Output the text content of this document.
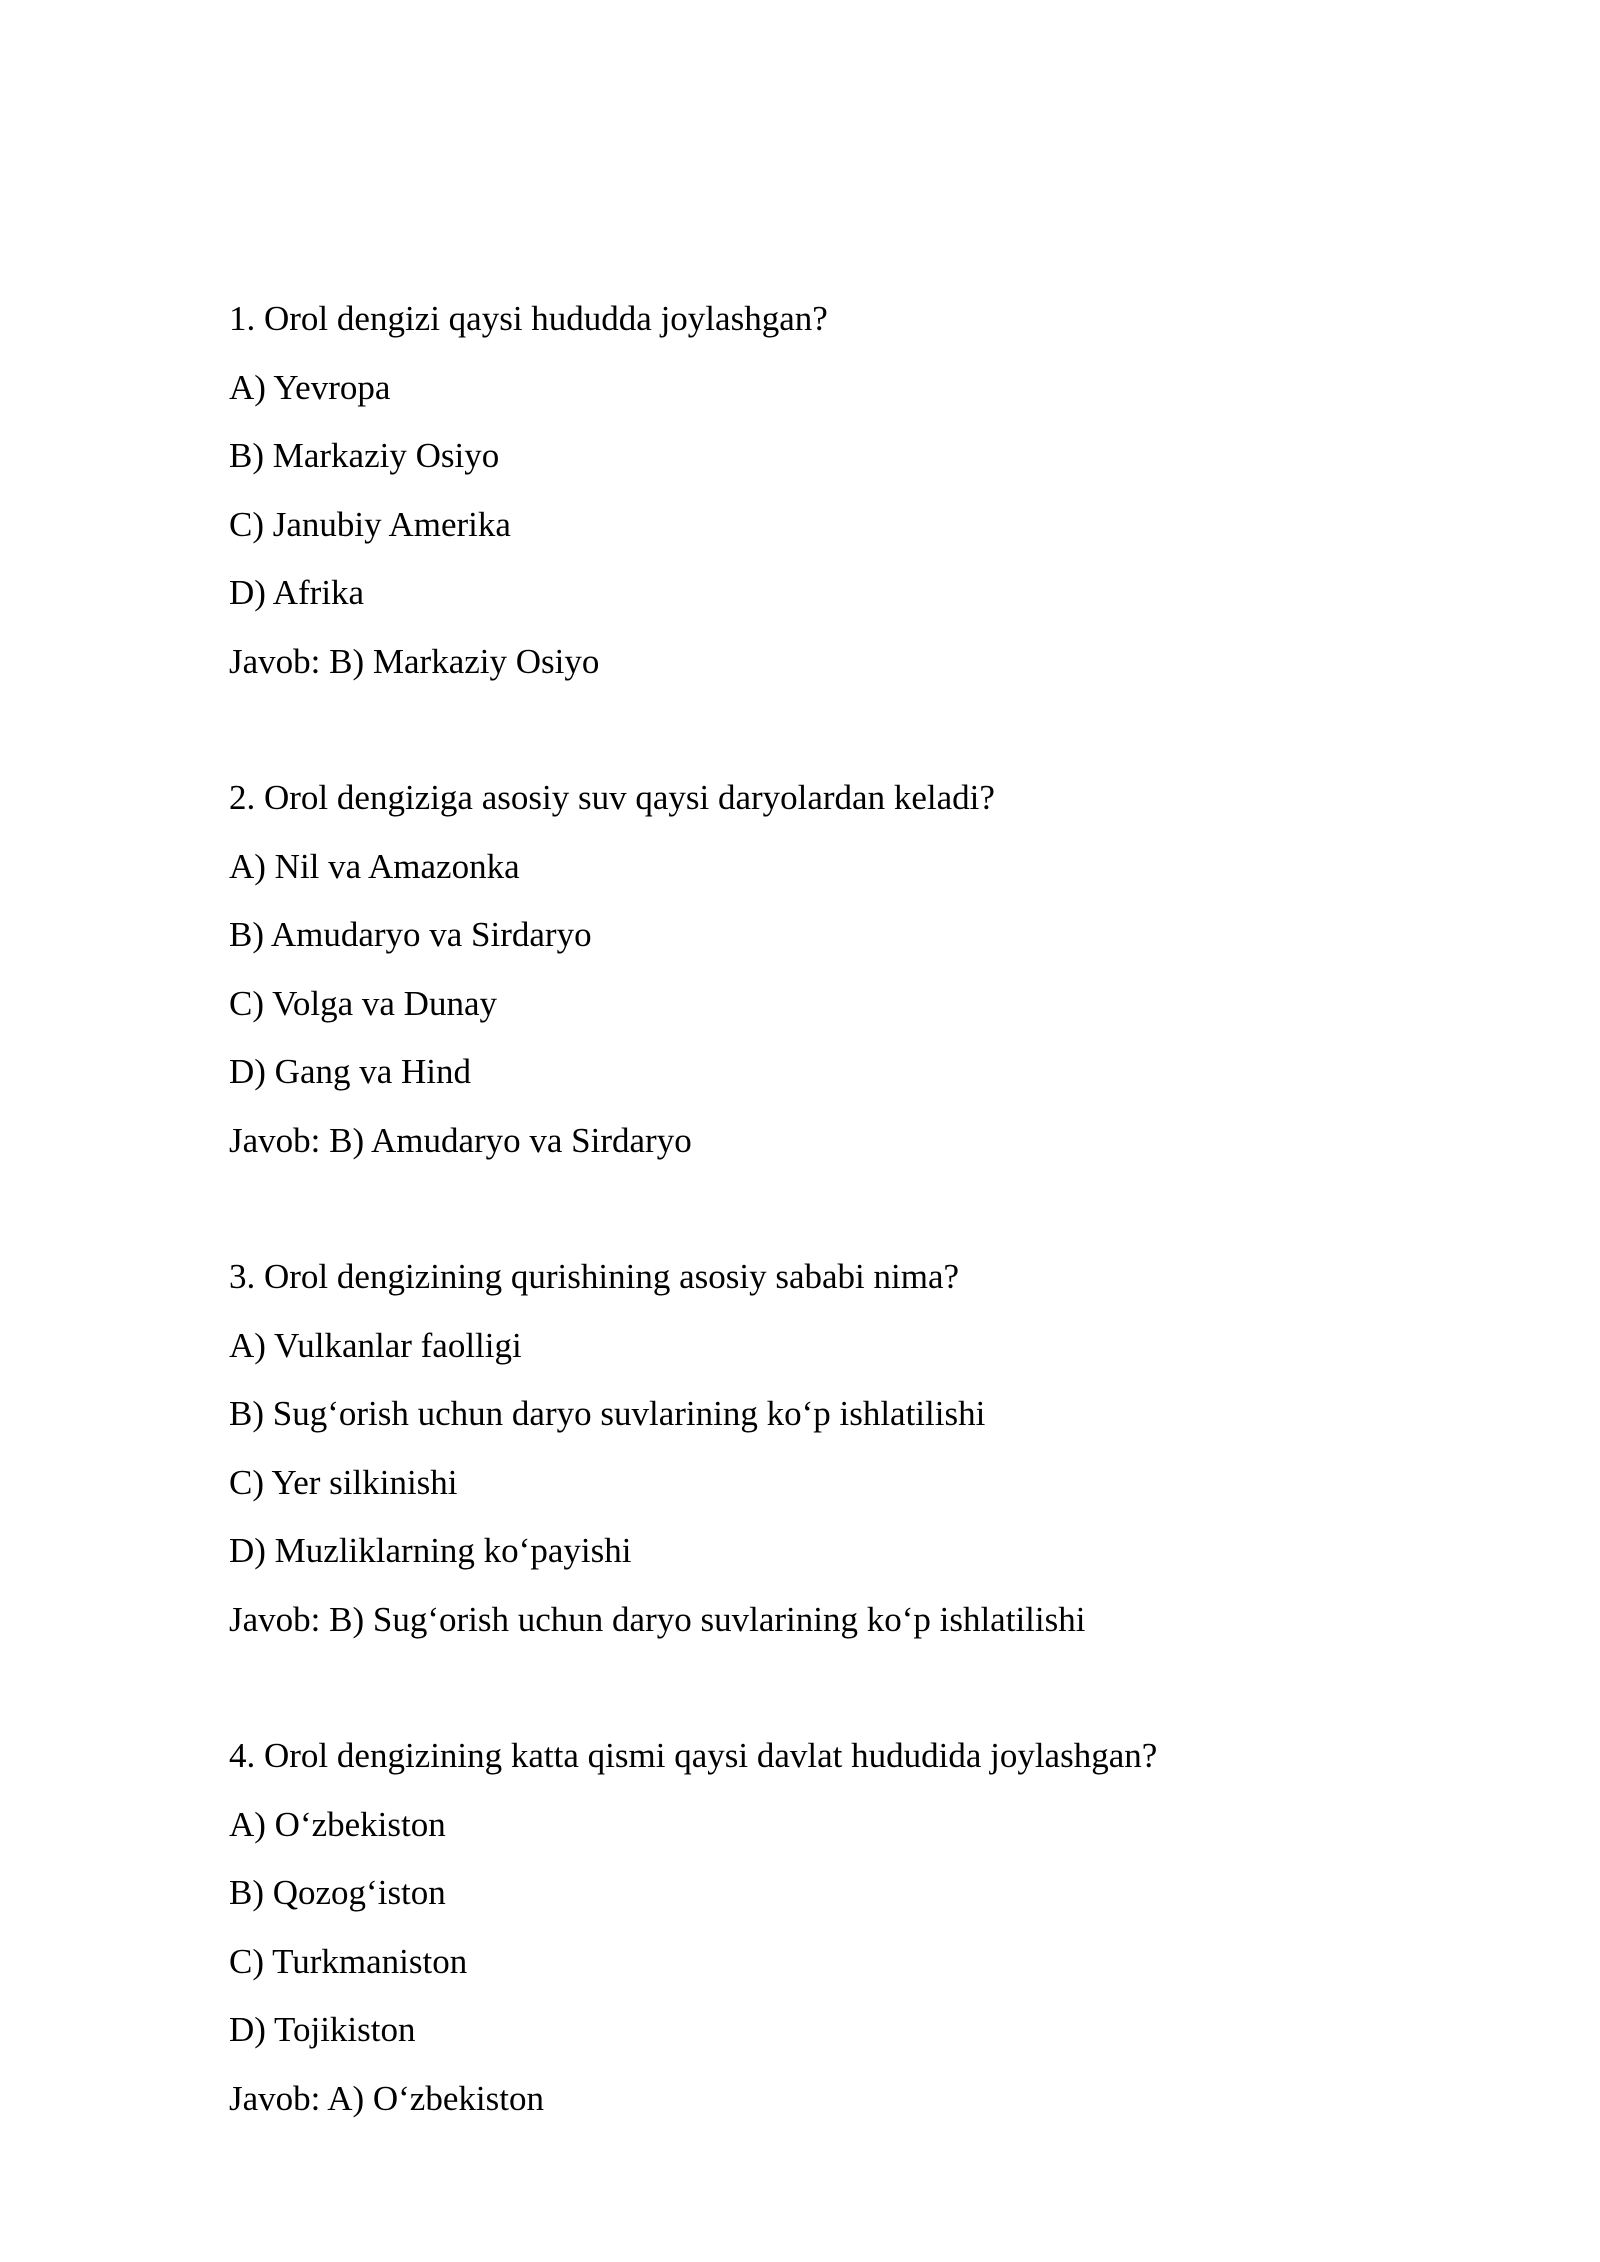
1. Orol dengizi qaysi hududda joylashgan?
A) Yevropa
B) Markaziy Osiyo
C) Janubiy Amerika
D) Afrika
Javob: B) Markaziy Osiyo
2. Orol dengiziga asosiy suv qaysi daryolardan keladi?
A) Nil va Amazonka
B) Amudaryo va Sirdaryo
C) Volga va Dunay
D) Gang va Hind
Javob: B) Amudaryo va Sirdaryo
3. Orol dengizining qurishining asosiy sababi nima?
A) Vulkanlar faolligi
B) Sug‘orish uchun daryo suvlarining ko‘p ishlatilishi
C) Yer silkinishi
D) Muzliklarning ko‘payishi
Javob: B) Sug‘orish uchun daryo suvlarining ko‘p ishlatilishi
4. Orol dengizining katta qismi qaysi davlat hududida joylashgan?
A) O‘zbekiston
B) Qozog‘iston
C) Turkmaniston
D) Tojikiston
Javob: A) O‘zbekiston
